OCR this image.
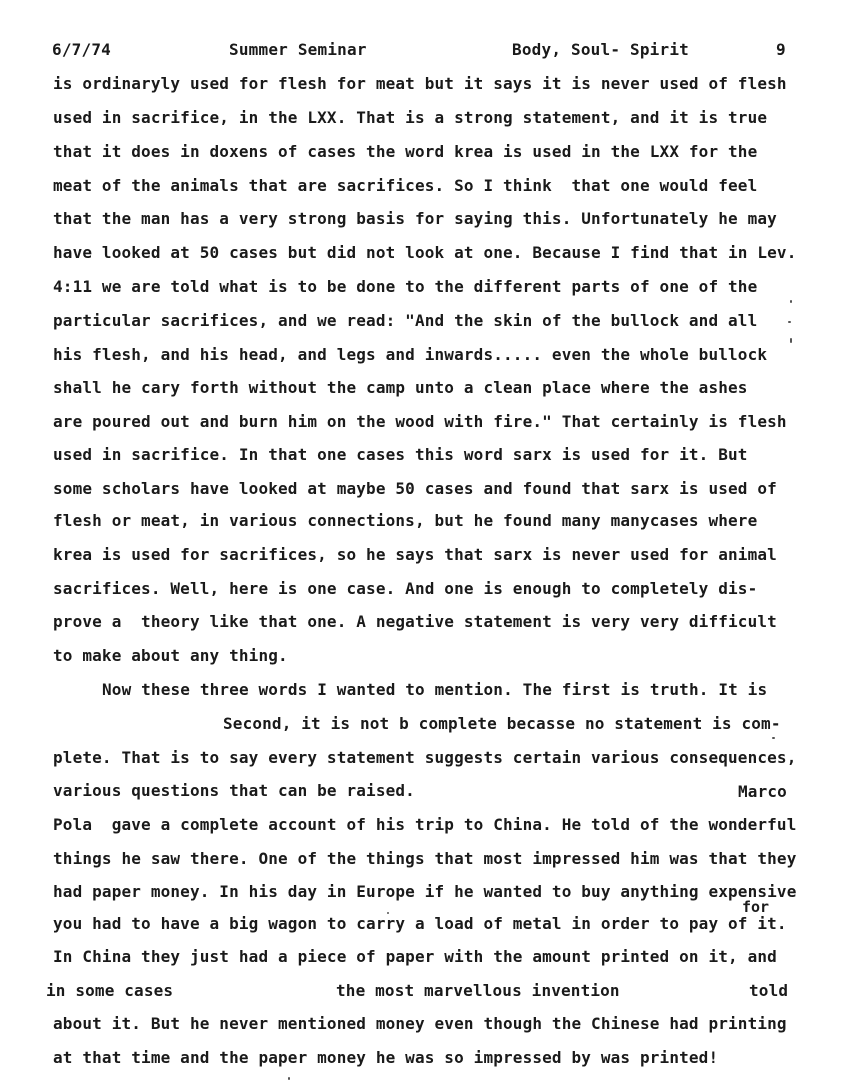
6/7/74	Summer Seminar	Body, Soul- Spirit	9
is ordinaryly used for flesh for meat but it says it is never used of flesh
used in sacrifice, in the LXX. That is a strong statement, and it is true
that it does in doxens of cases the word krea is used in the LXX for the
meat of the animals that are sacrifices. So I think  that one would feel
that the man has a very strong basis for saying this. Unfortunately he may
have looked at 50 cases but did not look at one. Because I find that in Lev.
4:11 we are told what is to be done to the different parts of one of the
particular sacrifices, and we read: "And the skin of the bullock and all
his flesh, and his head, and legs and inwards..... even the whole bullock
shall he cary forth without the camp unto a clean place where the ashes
are poured out and burn him on the wood with fire." That certainly is flesh
used in sacrifice. In that one cases this word sarx is used for it. But
some scholars have looked at maybe 50 cases and found that sarx is used of
flesh or meat, in various connections, but he found many manycases where
krea is used for sacrifices, so he says that sarx is never used for animal
sacrifices. Well, here is one case. And one is enough to completely dis-
prove a  theory like that one. A negative statement is very very difficult
to make about any thing.
Now these three words I wanted to mention. The first is truth. It is
Second, it is not b complete becasse no statement is com-
plete. That is to say every statement suggests certain various consequences,
various questions that can be raised.	Marco
Pola  gave a complete account of his trip to China. He told of the wonderful
things he saw there. One of the things that most impressed him was that they
had paper money. In his day in Europe if he wanted to buy anything expensive
for
you had to have a big wagon to carry a load of metal in order to pay of it.
In China they just had a piece of paper with the amount printed on it, and
in some cases	the most marvellous invention	told
about it. But he never mentioned money even though the Chinese had printing
at that time and the paper money he was so impressed by was printed!
